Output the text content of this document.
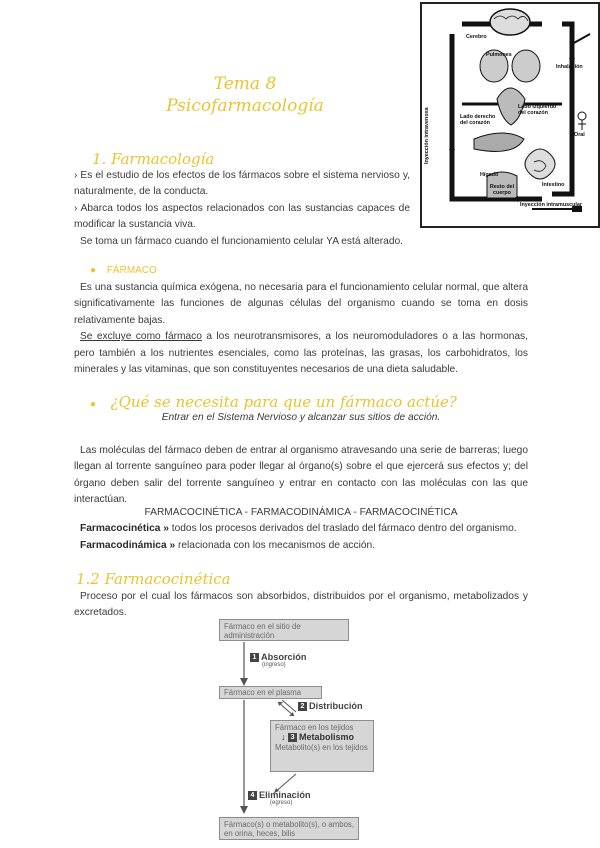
Tema 8
Psicofarmacología
Cerebro
Pulmones
Inhalación
Lado derecho del corazón
Lado izquierdo del corazón
Inyección intravenosa
Hígado
Intestino
Oral
Resto del cuerpo
Inyección intramuscular
1. Farmacología
› Es el estudio de los efectos de los fármacos sobre el sistema nervioso y, naturalmente, de la conducta.
› Abarca todos los aspectos relacionados con las sustancias capaces de modificar la sustancia viva.
Se toma un fármaco cuando el funcionamiento celular YA está alterado.
● FÁRMACO
Es una sustancia química exógena, no necesaria para el funcionamiento celular normal, que altera significativamente las funciones de algunas células del organismo cuando se toma en dosis relativamente bajas.
Se excluye como fármaco a los neurotransmisores, a los neuromoduladores o a las hormonas, pero también a los nutrientes esenciales, como las proteínas, las grasas, los carbohidratos, los minerales y las vitaminas, que son constituyentes necesarios de una dieta saludable.
● ¿Qué se necesita para que un fármaco actúe?
Entrar en el Sistema Nervioso y alcanzar sus sitios de acción.
Las moléculas del fármaco deben de entrar al organismo atravesando una serie de barreras; luego llegan al torrente sanguíneo para poder llegar al órgano(s) sobre el que ejercerá sus efectos y; del órgano deben salir del torrente sanguíneo y entrar en contacto con las moléculas con las que interactúan.
FARMACOCINÉTICA - FARMACODINÁMICA - FARMACOCINÉTICA
Farmacocinética » todos los procesos derivados del traslado del fármaco dentro del organismo.
Farmacodinámica » relacionada con los mecanismos de acción.
1.2 Farmacocinética
Proceso por el cual los fármacos son absorbidos, distribuidos por el organismo, metabolizados y excretados.
Fármaco en el sitio de administración
1 Absorción
(ingreso)
Fármaco en el plasma
2 Distribución
Fármaco en los tejidos
↓ 3 Metabolismo
Metabolito(s) en los tejidos
4 Eliminación
(egreso)
Fármaco(s) o metabolito(s), o ambos, en orina, heces, bilis
